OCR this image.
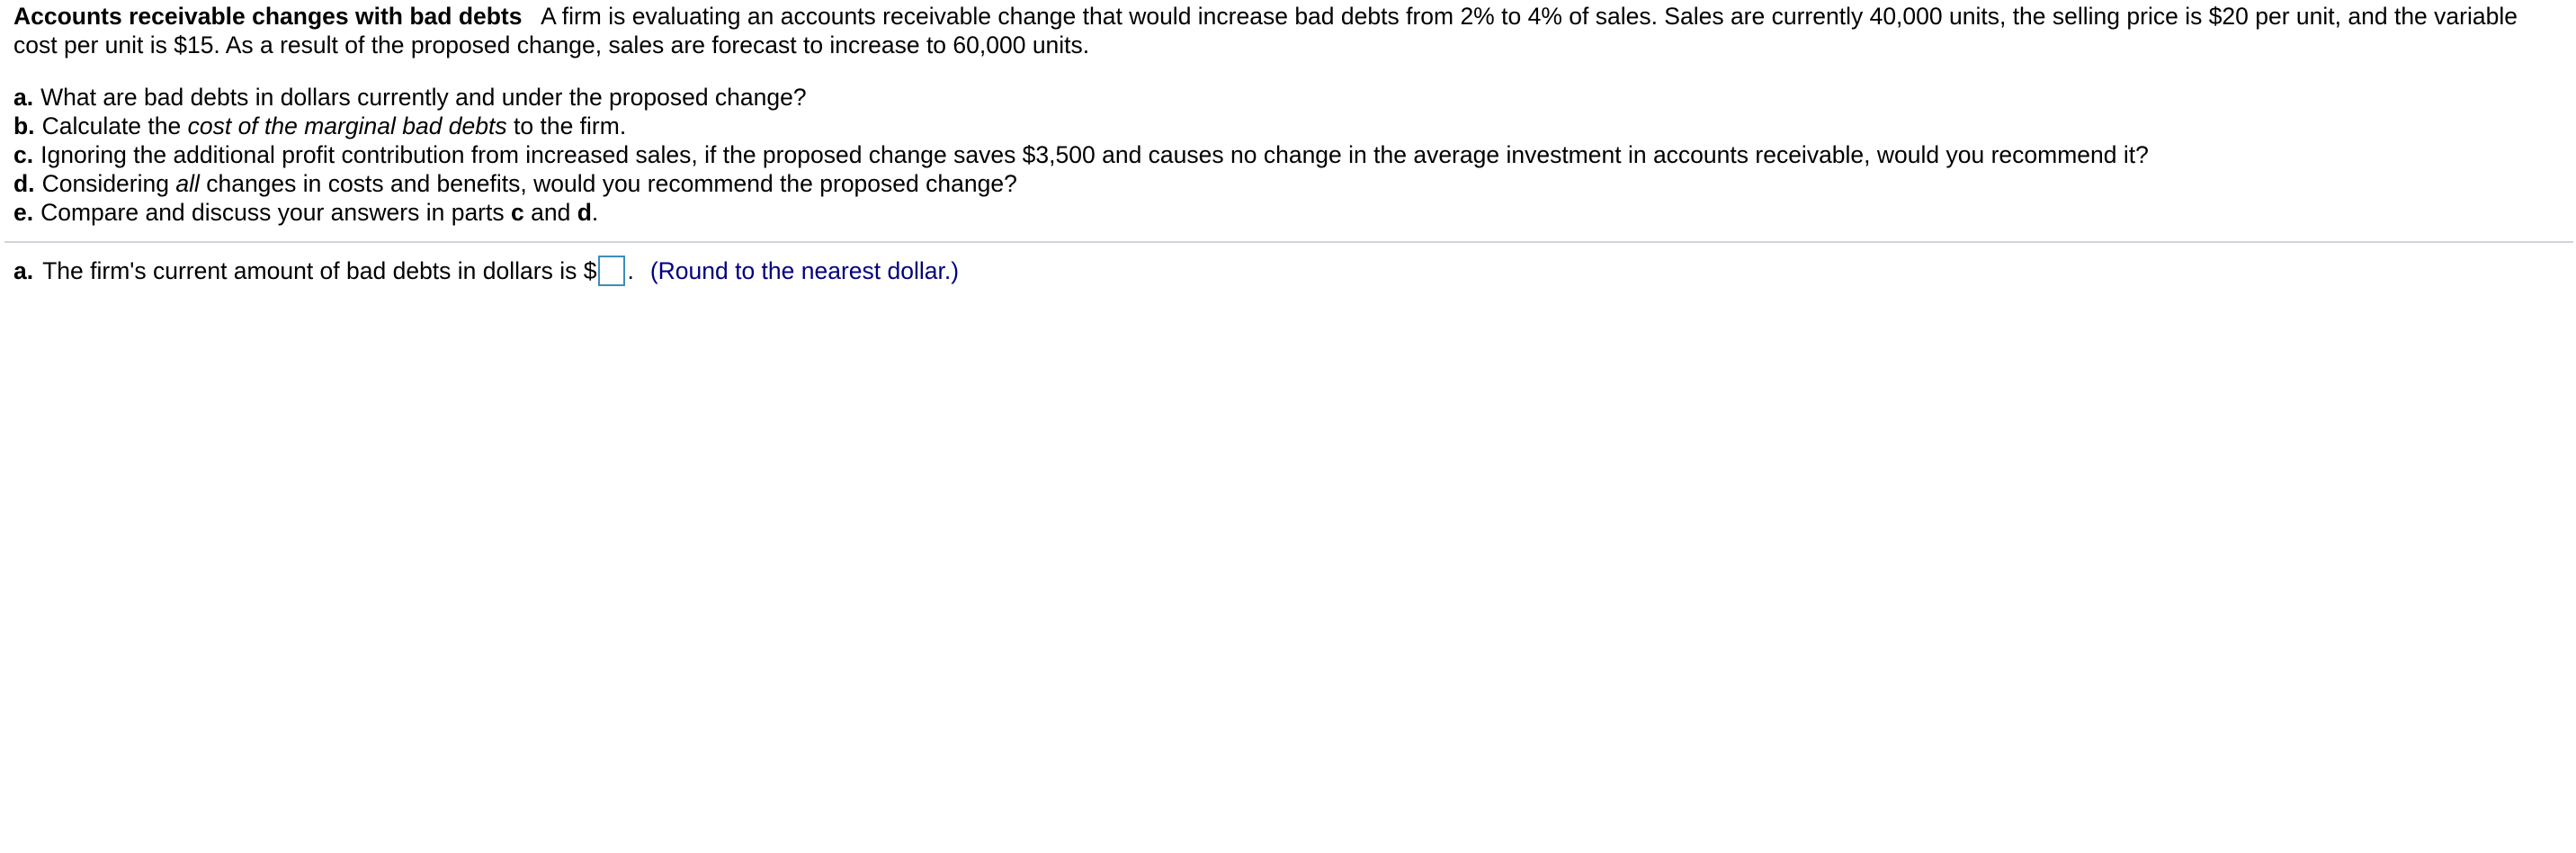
Accounts receivable changes with bad debts A firm is evaluating an accounts receivable change that would increase bad debts from 2% to 4% of sales. Sales are currently 40,000 units, the selling price is $20 per unit, and the variable cost per unit is $15. As a result of the proposed change, sales are forecast to increase to 60,000 units.

a. What are bad debts in dollars currently and under the proposed change?
b. Calculate the cost of the marginal bad debts to the firm.
c. Ignoring the additional profit contribution from increased sales, if the proposed change saves $3,500 and causes no change in the average investment in accounts receivable, would you recommend it?
d. Considering all changes in costs and benefits, would you recommend the proposed change?
e. Compare and discuss your answers in parts c and d.
a. The firm's current amount of bad debts in dollars is $ . (Round to the nearest dollar.)
